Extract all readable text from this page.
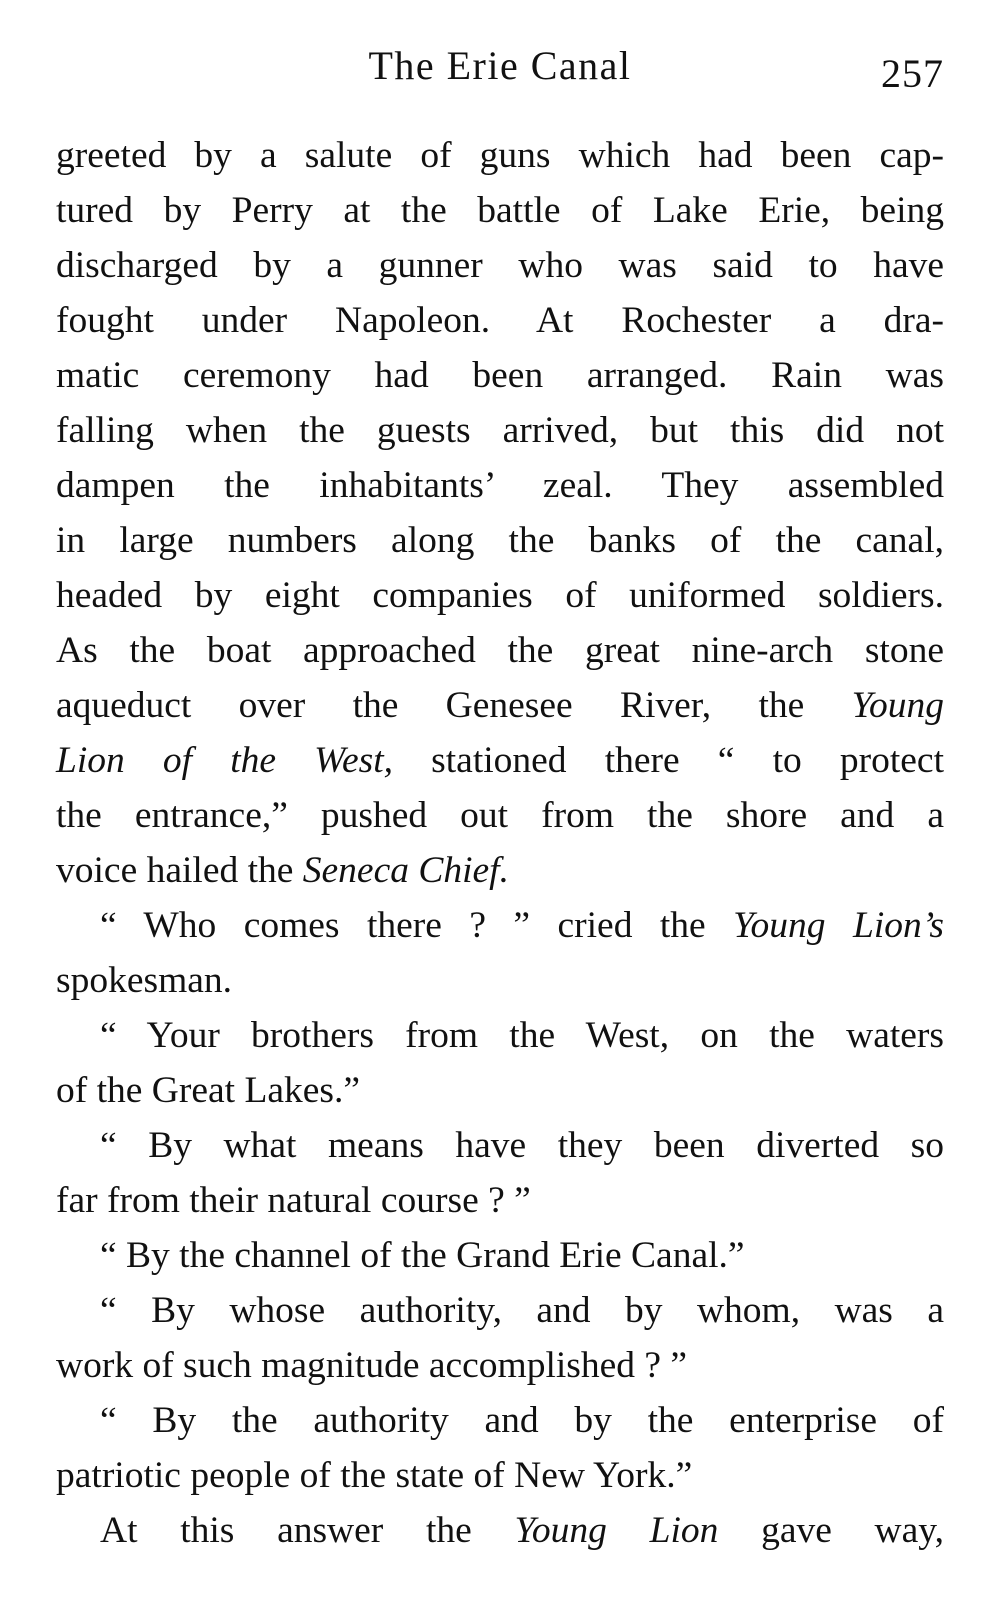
The Erie Canal	257
greeted by a salute of guns which had been cap-
tured by Perry at the battle of Lake Erie, being
discharged by a gunner who was said to have
fought under Napoleon. At Rochester a dra-
matic ceremony had been arranged. Rain was
falling when the guests arrived, but this did not
dampen the inhabitants’ zeal. They assembled
in large numbers along the banks of the canal,
headed by eight companies of uniformed soldiers.
As the boat approached the great nine-arch stone
aqueduct over the Genesee River, the Young
Lion of the West, stationed there “ to protect
the entrance,” pushed out from the shore and a
voice hailed the Seneca Chief.
“ Who comes there ? ” cried the Young Lion’s
spokesman.
“ Your brothers from the West, on the waters
of the Great Lakes.”
“ By what means have they been diverted so
far from their natural course ? ”
“ By the channel of the Grand Erie Canal.”
“ By whose authority, and by whom, was a
work of such magnitude accomplished ? ”
“ By the authority and by the enterprise of
patriotic people of the state of New York.”
At this answer the Young Lion gave way,
